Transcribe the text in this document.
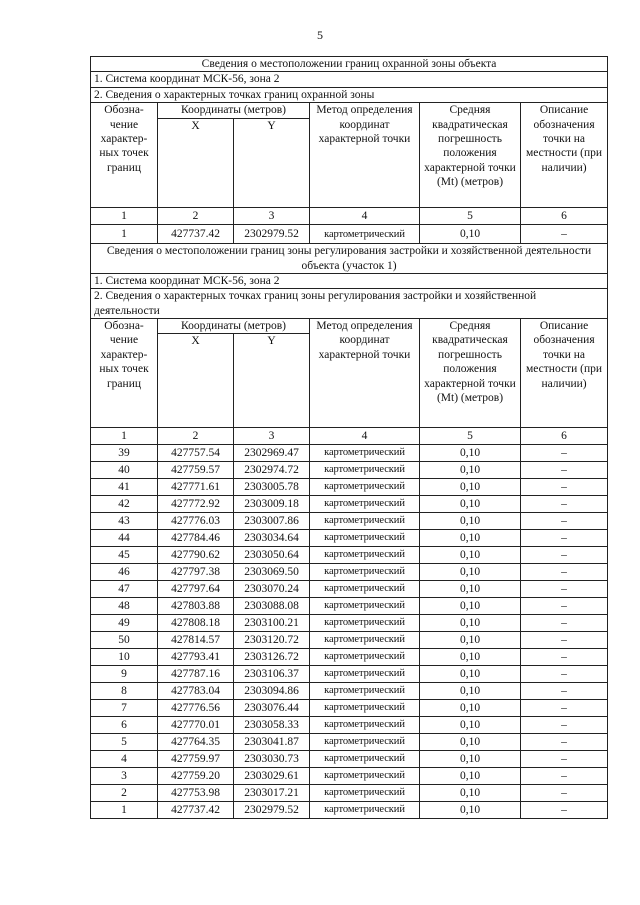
5
Сведения о местоположении границ охранной зоны объекта					
1. Система координат МСК-56, зона 2					
2. Сведения о характерных точках границ охранной зоны					
Обозна-чение характер-ных точек границ	Координаты (метров)		Метод определения координат характерной точки	Средняя квадратическая погрешность положения характерной точки (Mt) (метров)	Описание обозначения точки на местности (при наличии)
	X	Y			
1	2	3	4	5	6
1	427737.42	2302979.52	картометрический	0,10	–
Сведения о местоположении границ зоны регулирования застройки и хозяйственной деятельности объекта (участок 1)					
1. Система координат МСК-56, зона 2					
2. Сведения о характерных точках границ зоны регулирования застройки и хозяйственной деятельности					
Обозна-чение характер-ных точек границ	Координаты (метров)		Метод определения координат характерной точки	Средняя квадратическая погрешность положения характерной точки (Mt) (метров)	Описание обозначения точки на местности (при наличии)
	X	Y			
1	2	3	4	5	6
39	427757.54	2302969.47	картометрический	0,10	–
40	427759.57	2302974.72	картометрический	0,10	–
41	427771.61	2303005.78	картометрический	0,10	–
42	427772.92	2303009.18	картометрический	0,10	–
43	427776.03	2303007.86	картометрический	0,10	–
44	427784.46	2303034.64	картометрический	0,10	–
45	427790.62	2303050.64	картометрический	0,10	–
46	427797.38	2303069.50	картометрический	0,10	–
47	427797.64	2303070.24	картометрический	0,10	–
48	427803.88	2303088.08	картометрический	0,10	–
49	427808.18	2303100.21	картометрический	0,10	–
50	427814.57	2303120.72	картометрический	0,10	–
10	427793.41	2303126.72	картометрический	0,10	–
9	427787.16	2303106.37	картометрический	0,10	–
8	427783.04	2303094.86	картометрический	0,10	–
7	427776.56	2303076.44	картометрический	0,10	–
6	427770.01	2303058.33	картометрический	0,10	–
5	427764.35	2303041.87	картометрический	0,10	–
4	427759.97	2303030.73	картометрический	0,10	–
3	427759.20	2303029.61	картометрический	0,10	–
2	427753.98	2303017.21	картометрический	0,10	–
1	427737.42	2302979.52	картометрический	0,10	–
